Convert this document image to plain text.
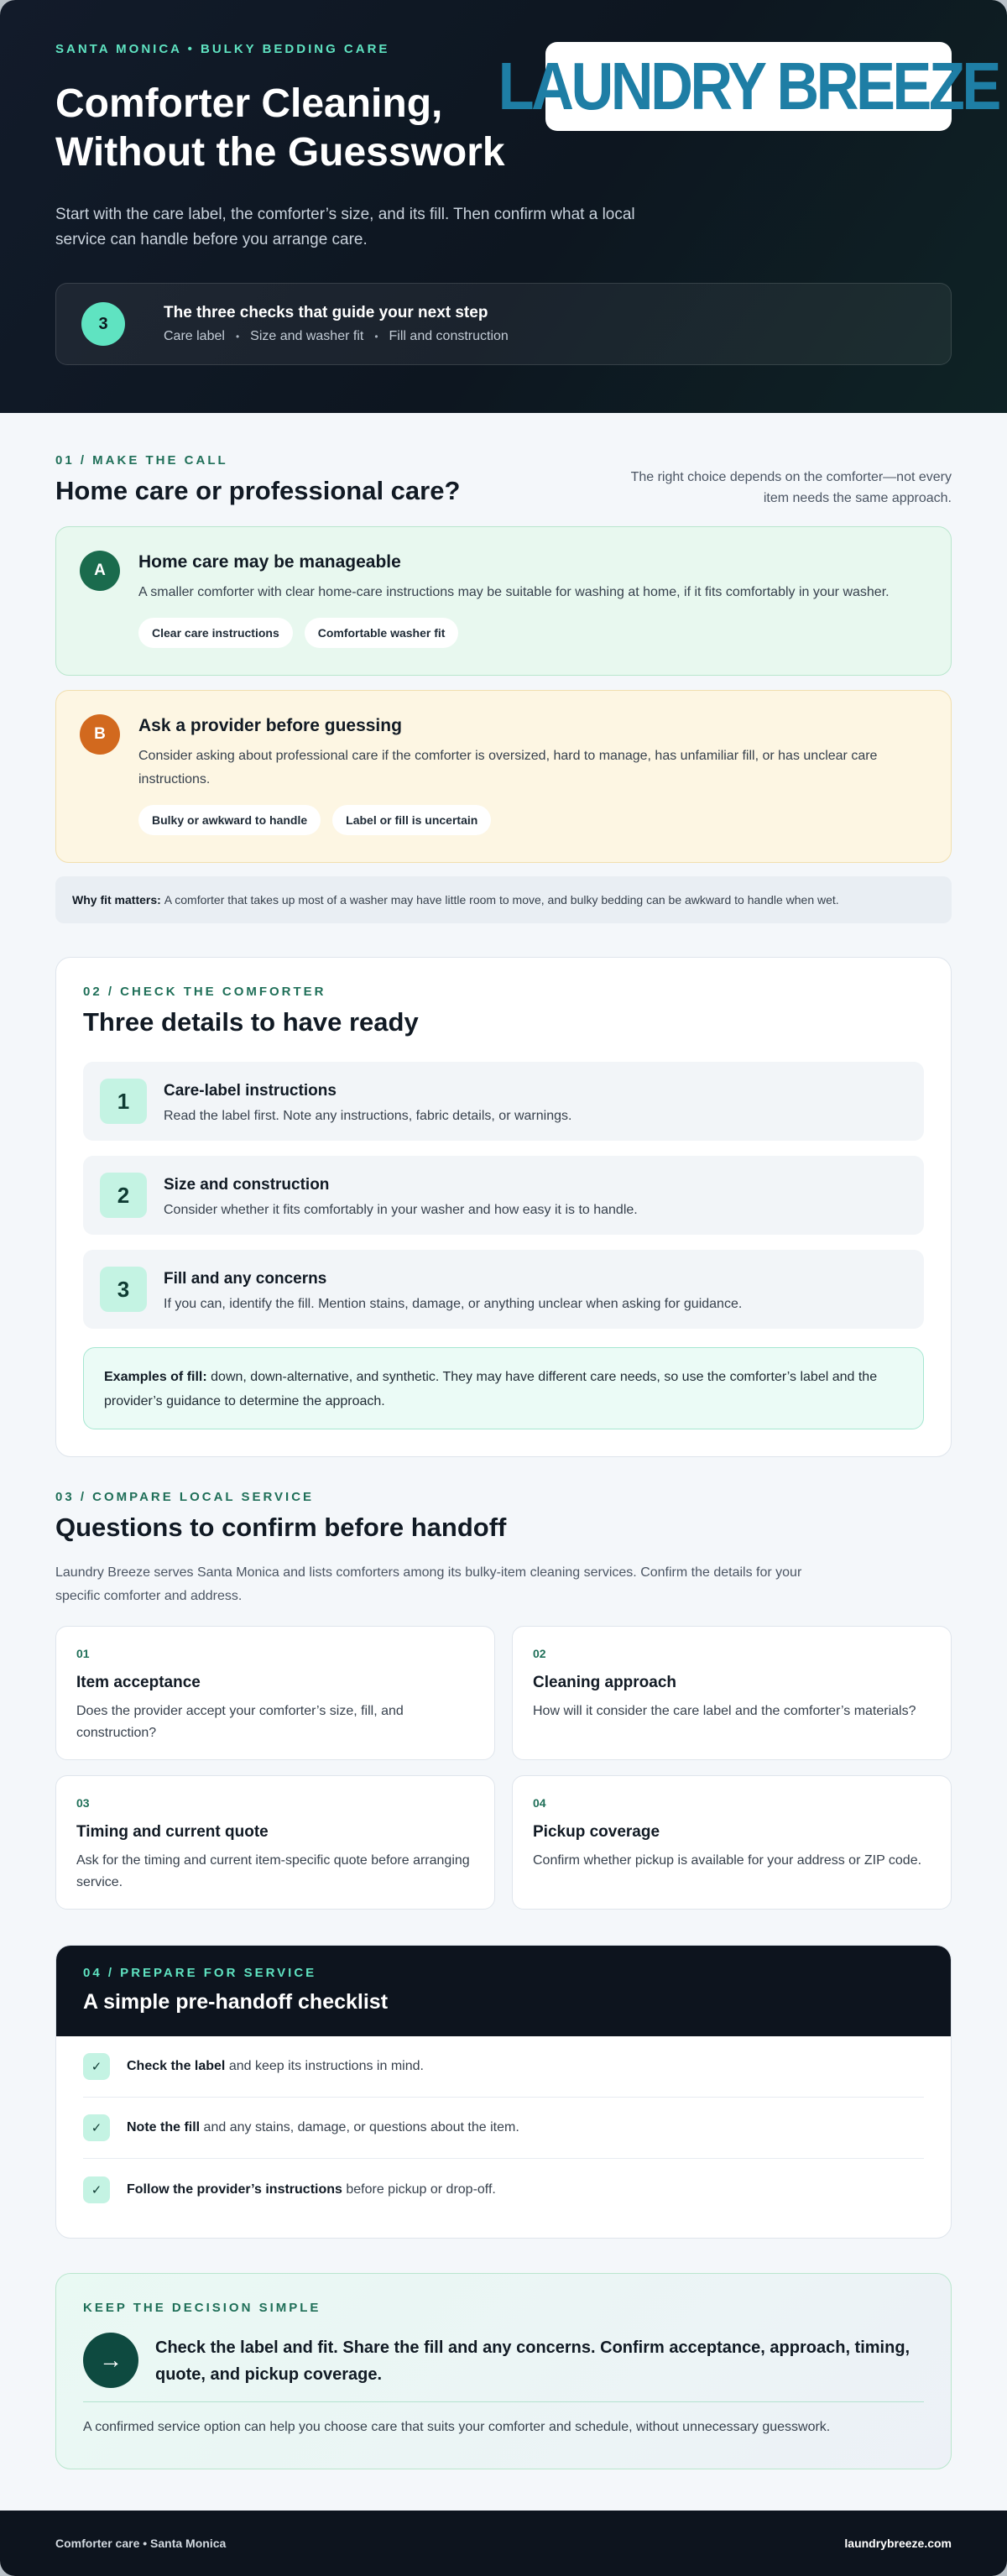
SANTA MONICA • BULKY BEDDING CARE
Comforter Cleaning, Without the Guesswork

Start with the care label, the comforter’s size, and its fill. Then confirm what a local service can handle before you arrange care.

LAUNDRY BREEZE
3
The three checks that guide your next step
Care label • Size and washer fit • Fill and construction
01 / MAKE THE CALL
Home care or professional care?	The right choice depends on the comforter—not every item needs the same approach.

A	Home care may be manageable

A smaller comforter with clear home-care instructions may be suitable for washing at home, if it fits comfortably in your washer.

Clear care instructions	Comfortable washer fit
B	Ask a provider before guessing

Consider asking about professional care if the comforter is oversized, hard to manage, has unfamiliar fill, or has unclear care instructions.

Bulky or awkward to handle	Label or fill is uncertain
Why fit matters: A comforter that takes up most of a washer may have little room to move, and bulky bedding can be awkward to handle when wet.
02 / CHECK THE COMFORTER
Three details to have ready
1	Care-label instructions
Read the label first. Note any instructions, fabric details, or warnings.
2	Size and construction
Consider whether it fits comfortably in your washer and how easy it is to handle.
3	Fill and any concerns
If you can, identify the fill. Mention stains, damage, or anything unclear when asking for guidance.
Examples of fill: down, down-alternative, and synthetic. They may have different care needs, so use the comforter’s label and the provider’s guidance to determine the approach.
03 / COMPARE LOCAL SERVICE
Questions to confirm before handoff

Laundry Breeze serves Santa Monica and lists comforters among its bulky-item cleaning services. Confirm the details for your specific comforter and address.

01
Item acceptance

Does the provider accept your comforter’s size, fill, and construction?

02
Cleaning approach

How will it consider the care label and the comforter’s materials?

03
Timing and current quote

Ask for the timing and current item-specific quote before arranging service.

04
Pickup coverage

Confirm whether pickup is available for your address or ZIP code.

04 / PREPARE FOR SERVICE
A simple pre-handoff checklist
✓	Check the label and keep its instructions in mind.
✓	Note the fill and any stains, damage, or questions about the item.
✓	Follow the provider’s instructions before pickup or drop-off.
KEEP THE DECISION SIMPLE
→	Check the label and fit. Share the fill and any concerns. Confirm acceptance, approach, timing, quote, and pickup coverage.
A confirmed service option can help you choose care that suits your comforter and schedule, without unnecessary guesswork.
Comforter care • Santa Monica	laundrybreeze.com
